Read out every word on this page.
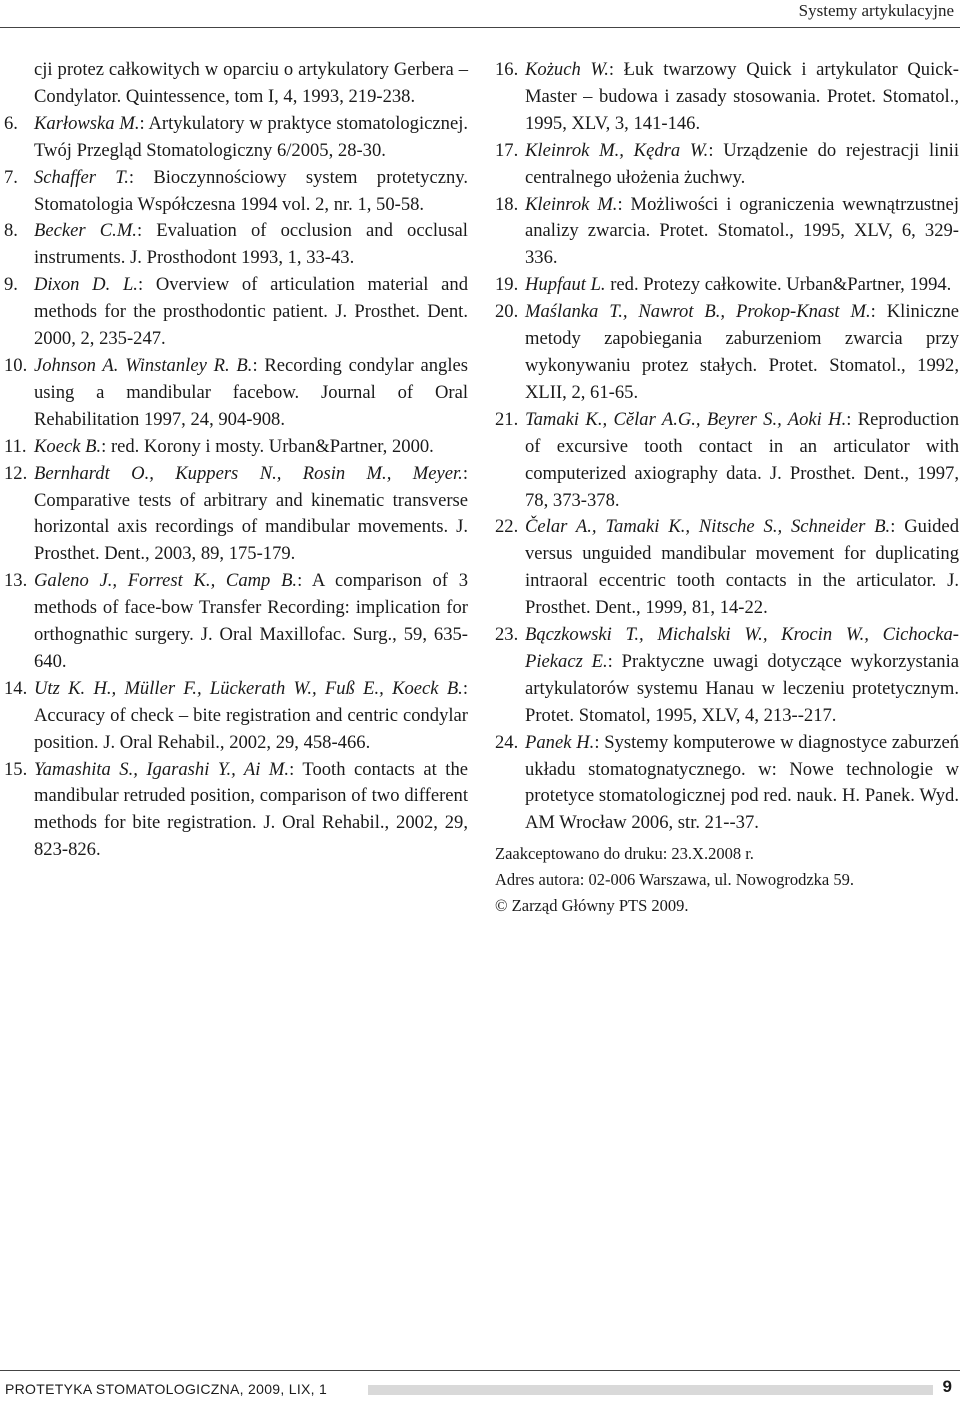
Systemy artykulacyjne
cji protez całkowitych w oparciu o artykulatory Gerbera – Condylator. Quintessence, tom I, 4, 1993, 219-238.
6. Karłowska M.: Artykulatory w praktyce stomatologicznej. Twój Przegląd Stomatologiczny 6/2005, 28-30.
7. Schaffer T.: Bioczynnościowy system protetyczny. Stomatologia Współczesna 1994 vol. 2, nr. 1, 50-58.
8. Becker C.M.: Evaluation of occlusion and occlusal instruments. J. Prosthodont 1993, 1, 33-43.
9. Dixon D. L.: Overview of articulation material and methods for the prosthodontic patient. J. Prosthet. Dent. 2000, 2, 235-247.
10. Johnson A. Winstanley R. B.: Recording condylar angles using a mandibular facebow. Journal of Oral Rehabilitation 1997, 24, 904-908.
11. Koeck B.: red. Korony i mosty. Urban&Partner, 2000.
12. Bernhardt O., Kuppers N., Rosin M., Meyer.: Comparative tests of arbitrary and kinematic transverse horizontal axis recordings of mandibular movements. J. Prosthet. Dent., 2003, 89, 175-179.
13. Galeno J., Forrest K., Camp B.: A comparison of 3 methods of face-bow Transfer Recording: implication for orthognathic surgery. J. Oral Maxillofac. Surg., 59, 635-640.
14. Utz K. H., Müller F., Lückerath W., Fuß E., Koeck B.: Accuracy of check – bite registration and centric condylar position. J. Oral Rehabil., 2002, 29, 458-466.
15. Yamashita S., Igarashi Y., Ai M.: Tooth contacts at the mandibular retruded position, comparison of two different methods for bite registration. J. Oral Rehabil., 2002, 29, 823-826.
16. Kożuch W.: Łuk twarzowy Quick i artykulator Quick-Master – budowa i zasady stosowania. Protet. Stomatol., 1995, XLV, 3, 141-146.
17. Kleinrok M., Kędra W.: Urządzenie do rejestracji linii centralnego ułożenia żuchwy.
18. Kleinrok M.: Możliwości i ograniczenia wewnątrzustnej analizy zwarcia. Protet. Stomatol., 1995, XLV, 6, 329-336.
19. Hupfaut L. red. Protezy całkowite. Urban&Partner, 1994.
20. Maślanka T., Nawrot B., Prokop-Knast M.: Kliniczne metody zapobiegania zaburzeniom zwarcia przy wykonywaniu protez stałych. Protet. Stomatol., 1992, XLII, 2, 61-65.
21. Tamaki K., Cĕlar A.G., Beyrer S., Aoki H.: Reproduction of excursive tooth contact in an articulator with computerized axiography data. J. Prosthet. Dent., 1997, 78, 373-378.
22. Čelar A., Tamaki K., Nitsche S., Schneider B.: Guided versus unguided mandibular movement for duplicating intraoral eccentric tooth contacts in the articulator. J. Prosthet. Dent., 1999, 81, 14-22.
23. Bączkowski T., Michalski W., Krocin W., Cichocka-Piekacz E.: Praktyczne uwagi dotyczące wykorzystania artykulatorów systemu Hanau w leczeniu protetycznym. Protet. Stomatol, 1995, XLV, 4, 213--217.
24. Panek H.: Systemy komputerowe w diagnostyce zaburzeń układu stomatognatycznego. w: Nowe technologie w protetyce stomatologicznej pod red. nauk. H. Panek. Wyd. AM Wrocław 2006, str. 21--37.
Zaakceptowano do druku: 23.X.2008 r.
Adres autora: 02-006 Warszawa, ul. Nowogrodzka 59.
© Zarząd Główny PTS 2009.
PROTETYKA STOMATOLOGICZNA, 2009, LIX, 1	9
